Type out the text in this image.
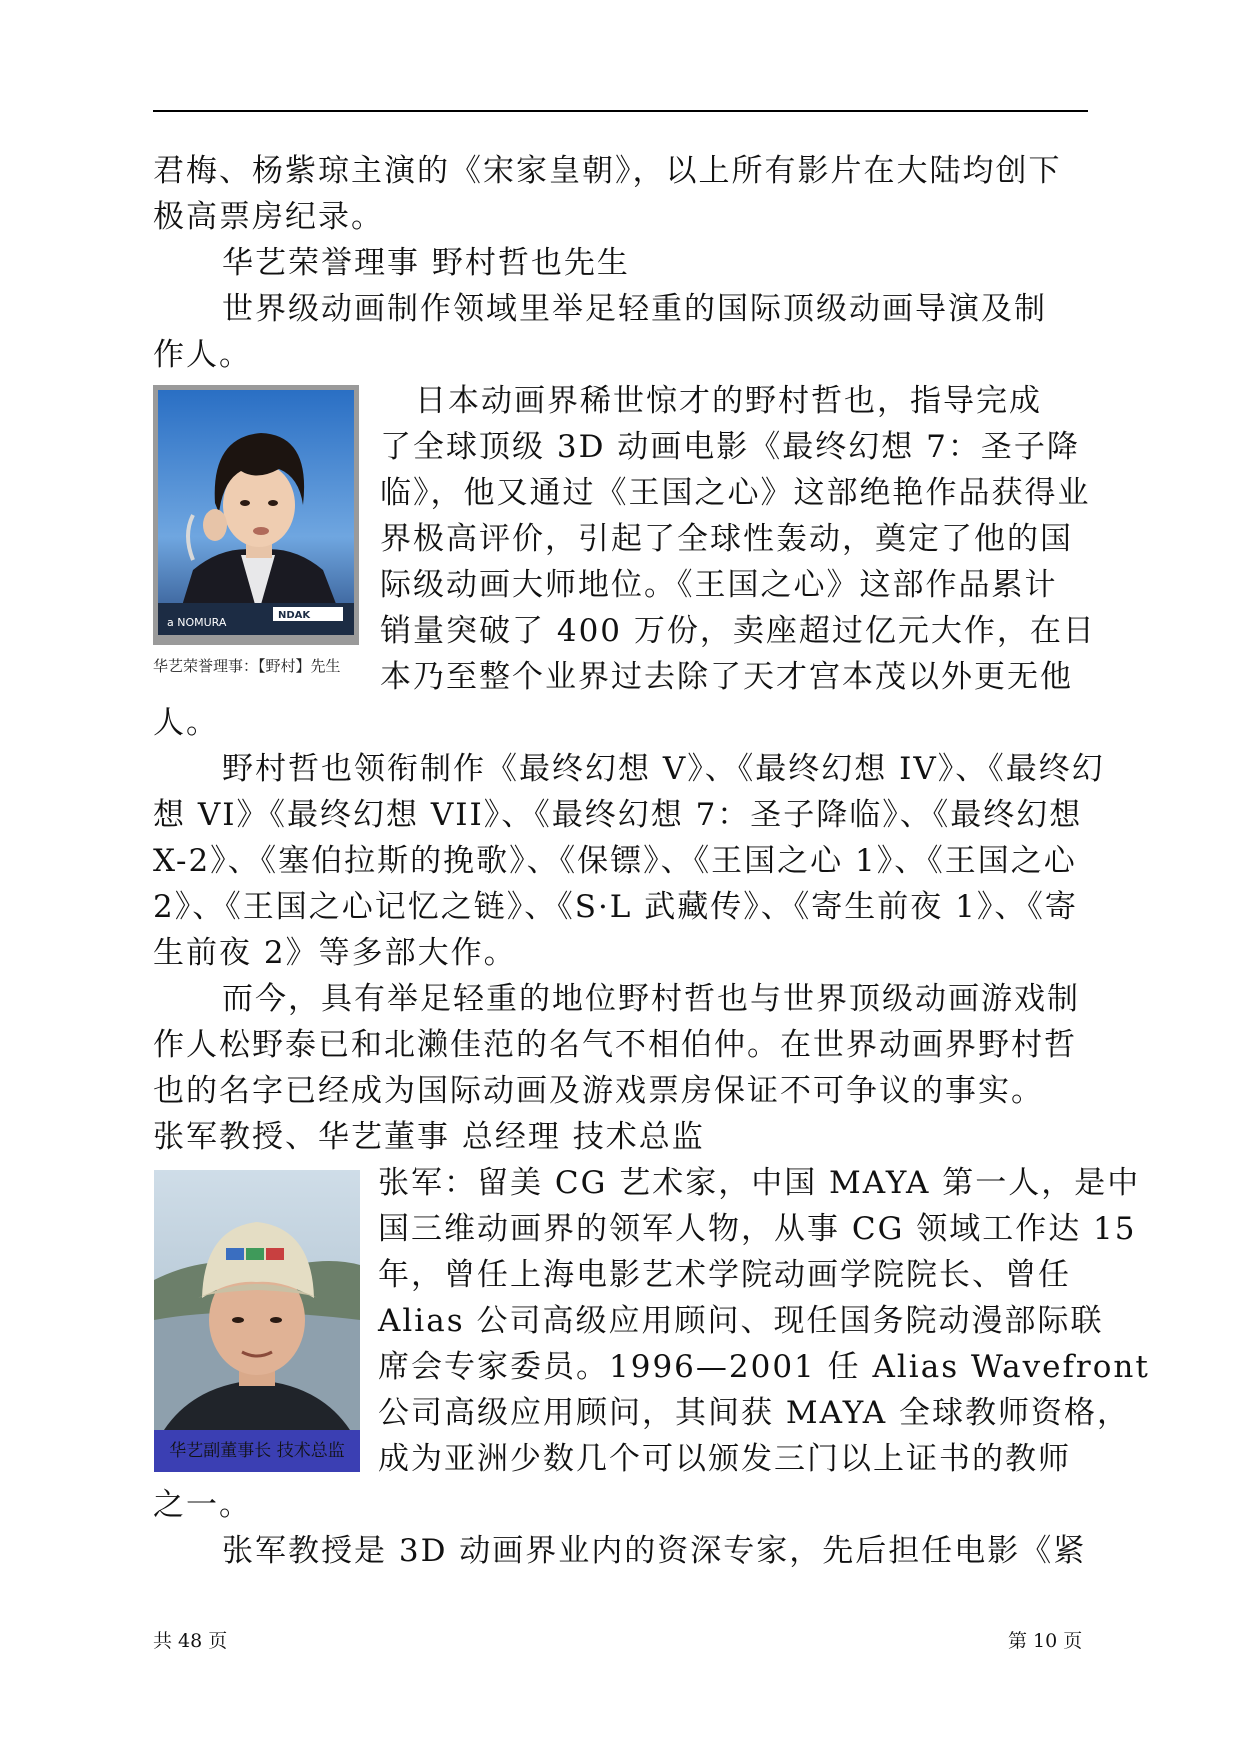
君梅、杨紫琼主演的《宋家皇朝》，以上所有影片在大陆均创下
极高票房纪录。
华艺荣誉理事 野村哲也先生
世界级动画制作领域里举足轻重的国际顶级动画导演及制
作人。
日本动画界稀世惊才的野村哲也，指导完成
了全球顶级 3D 动画电影《最终幻想 7：圣子降
临》，他又通过《王国之心》这部绝艳作品获得业
界极高评价，引起了全球性轰动，奠定了他的国
际级动画大师地位。《王国之心》这部作品累计
销量突破了 400 万份，卖座超过亿元大作，在日
本乃至整个业界过去除了天才宫本茂以外更无他
人。
野村哲也领衔制作《最终幻想 V》、《最终幻想 IV》、《最终幻
想 VI》《最终幻想 VII》、《最终幻想 7：圣子降临》、《最终幻想
X-2》、《塞伯拉斯的挽歌》、《保镖》、《王国之心 1》、《王国之心
2》、《王国之心记忆之链》、《S·L 武藏传》、《寄生前夜 1》、《寄
生前夜 2》等多部大作。
而今，具有举足轻重的地位野村哲也与世界顶级动画游戏制
作人松野泰已和北濑佳范的名气不相伯仲。在世界动画界野村哲
也的名字已经成为国际动画及游戏票房保证不可争议的事实。
张军教授、华艺董事 总经理 技术总监
张军：留美 CG 艺术家，中国 MAYA 第一人，是中
国三维动画界的领军人物，从事 CG 领域工作达 15
年，曾任上海电影艺术学院动画学院院长、曾任
Alias 公司高级应用顾问、现任国务院动漫部际联
席会专家委员。1996—2001 任 Alias Wavefront
公司高级应用顾问，其间获 MAYA 全球教师资格，
成为亚洲少数几个可以颁发三门以上证书的教师
之一。
张军教授是 3D 动画界业内的资深专家，先后担任电影《紧
a NOMURA
NDAK
华艺荣誉理事：【野村】先生
华艺副董事长 技术总监
共 48 页	第 10 页
